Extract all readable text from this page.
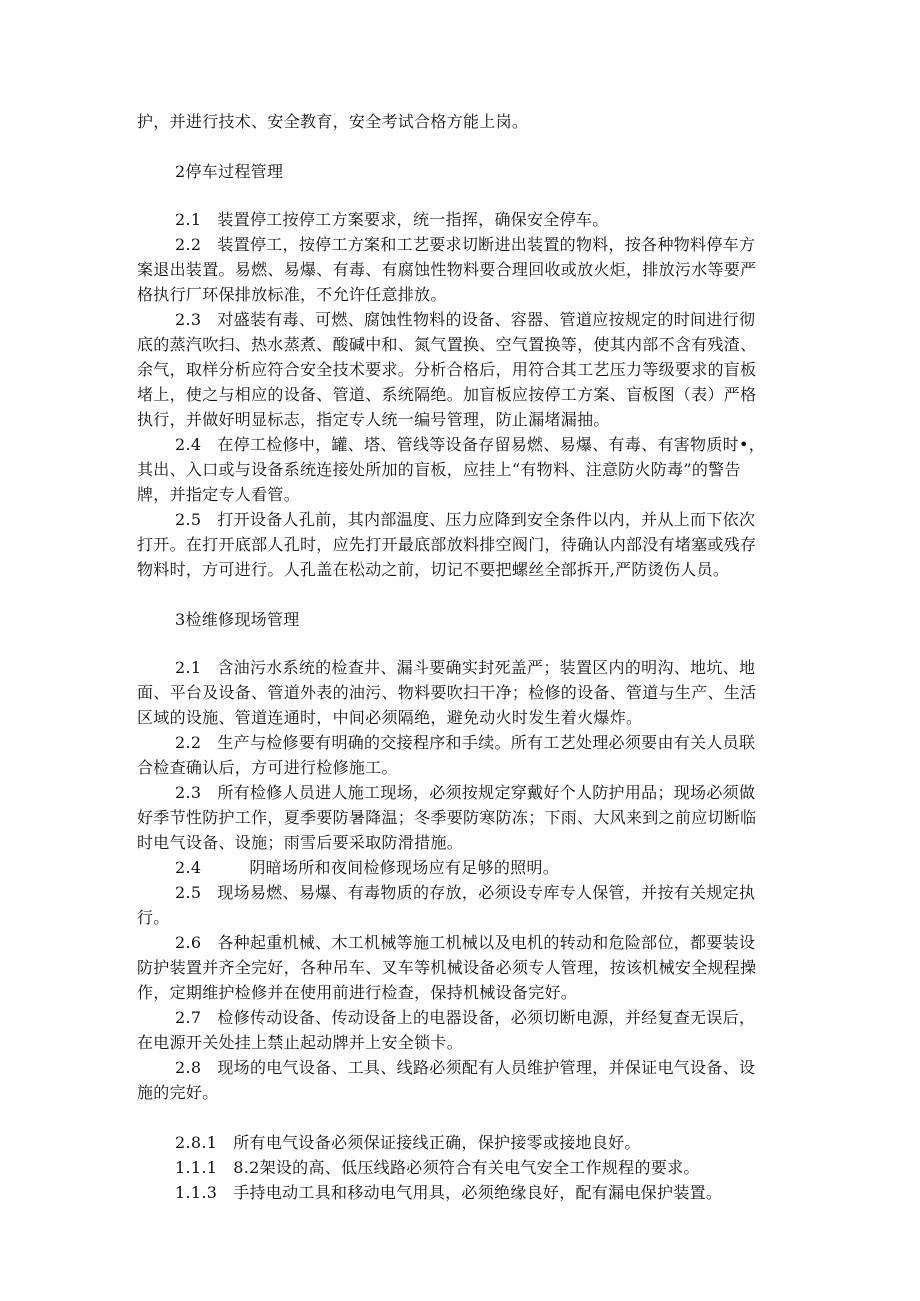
护，并进行技术、安全教育，安全考试合格方能上岗。
2停车过程管理
2.1 装置停工按停工方案要求，统一指挥，确保安全停车。
2.2 装置停工，按停工方案和工艺要求切断进出装置的物料，按各种物料停车方
案退出装置。易燃、易爆、有毒、有腐蚀性物料要合理回收或放火炬，排放污水等要严
格执行厂环保排放标准，不允许任意排放。
2.3 对盛装有毒、可燃、腐蚀性物料的设备、容器、管道应按规定的时间进行彻
底的蒸汽吹扫、热水蒸煮、酸碱中和、氮气置换、空气置换等，使其内部不含有残渣、
余气，取样分析应符合安全技术要求。分析合格后，用符合其工艺压力等级要求的盲板
堵上，使之与相应的设备、管道、系统隔绝。加盲板应按停工方案、盲板图（表）严格
执行，并做好明显标志，指定专人统一编号管理，防止漏堵漏抽。
2.4 在停工检修中，罐、塔、管线等设备存留易燃、易爆、有毒、有害物质时•，
其出、入口或与设备系统连接处所加的盲板，应挂上“有物料、注意防火防毒”的警告
牌，并指定专人看管。
2.5 打开设备人孔前，其内部温度、压力应降到安全条件以内，并从上而下依次
打开。在打开底部人孔时，应先打开最底部放料排空阀门，待确认内部没有堵塞或残存
物料时，方可进行。人孔盖在松动之前，切记不要把螺丝全部拆开,严防烫伤人员。
3检维修现场管理
2.1 含油污水系统的检查井、漏斗要确实封死盖严；装置区内的明沟、地坑、地
面、平台及设备、管道外表的油污、物料要吹扫干净；检修的设备、管道与生产、生活
区域的设施、管道连通时，中间必须隔绝，避免动火时发生着火爆炸。
2.2 生产与检修要有明确的交接程序和手续。所有工艺处理必须要由有关人员联
合检查确认后，方可进行检修施工。
2.3 所有检修人员进人施工现场，必须按规定穿戴好个人防护用品；现场必须做
好季节性防护工作，夏季要防暑降温；冬季要防寒防冻；下雨、大风来到之前应切断临
时电气设备、设施；雨雪后要采取防滑措施。
2.4	阴暗场所和夜间检修现场应有足够的照明。
2.5 现场易燃、易爆、有毒物质的存放，必须设专库专人保管，并按有关规定执
行。
2.6 各种起重机械、木工机械等施工机械以及电机的转动和危险部位，都要装设
防护装置并齐全完好，各种吊车、叉车等机械设备必须专人管理，按该机械安全规程操
作，定期维护检修并在使用前进行检查，保持机械设备完好。
2.7 检修传动设备、传动设备上的电器设备，必须切断电源，并经复查无误后，
在电源开关处挂上禁止起动牌并上安全锁卡。
2.8 现场的电气设备、工具、线路必须配有人员维护管理，并保证电气设备、设
施的完好。
2.8.1 所有电气设备必须保证接线正确，保护接零或接地良好。
1.1.1 8.2架设的高、低压线路必须符合有关电气安全工作规程的要求。
1.1.3 手持电动工具和移动电气用具，必须绝缘良好，配有漏电保护装置。
